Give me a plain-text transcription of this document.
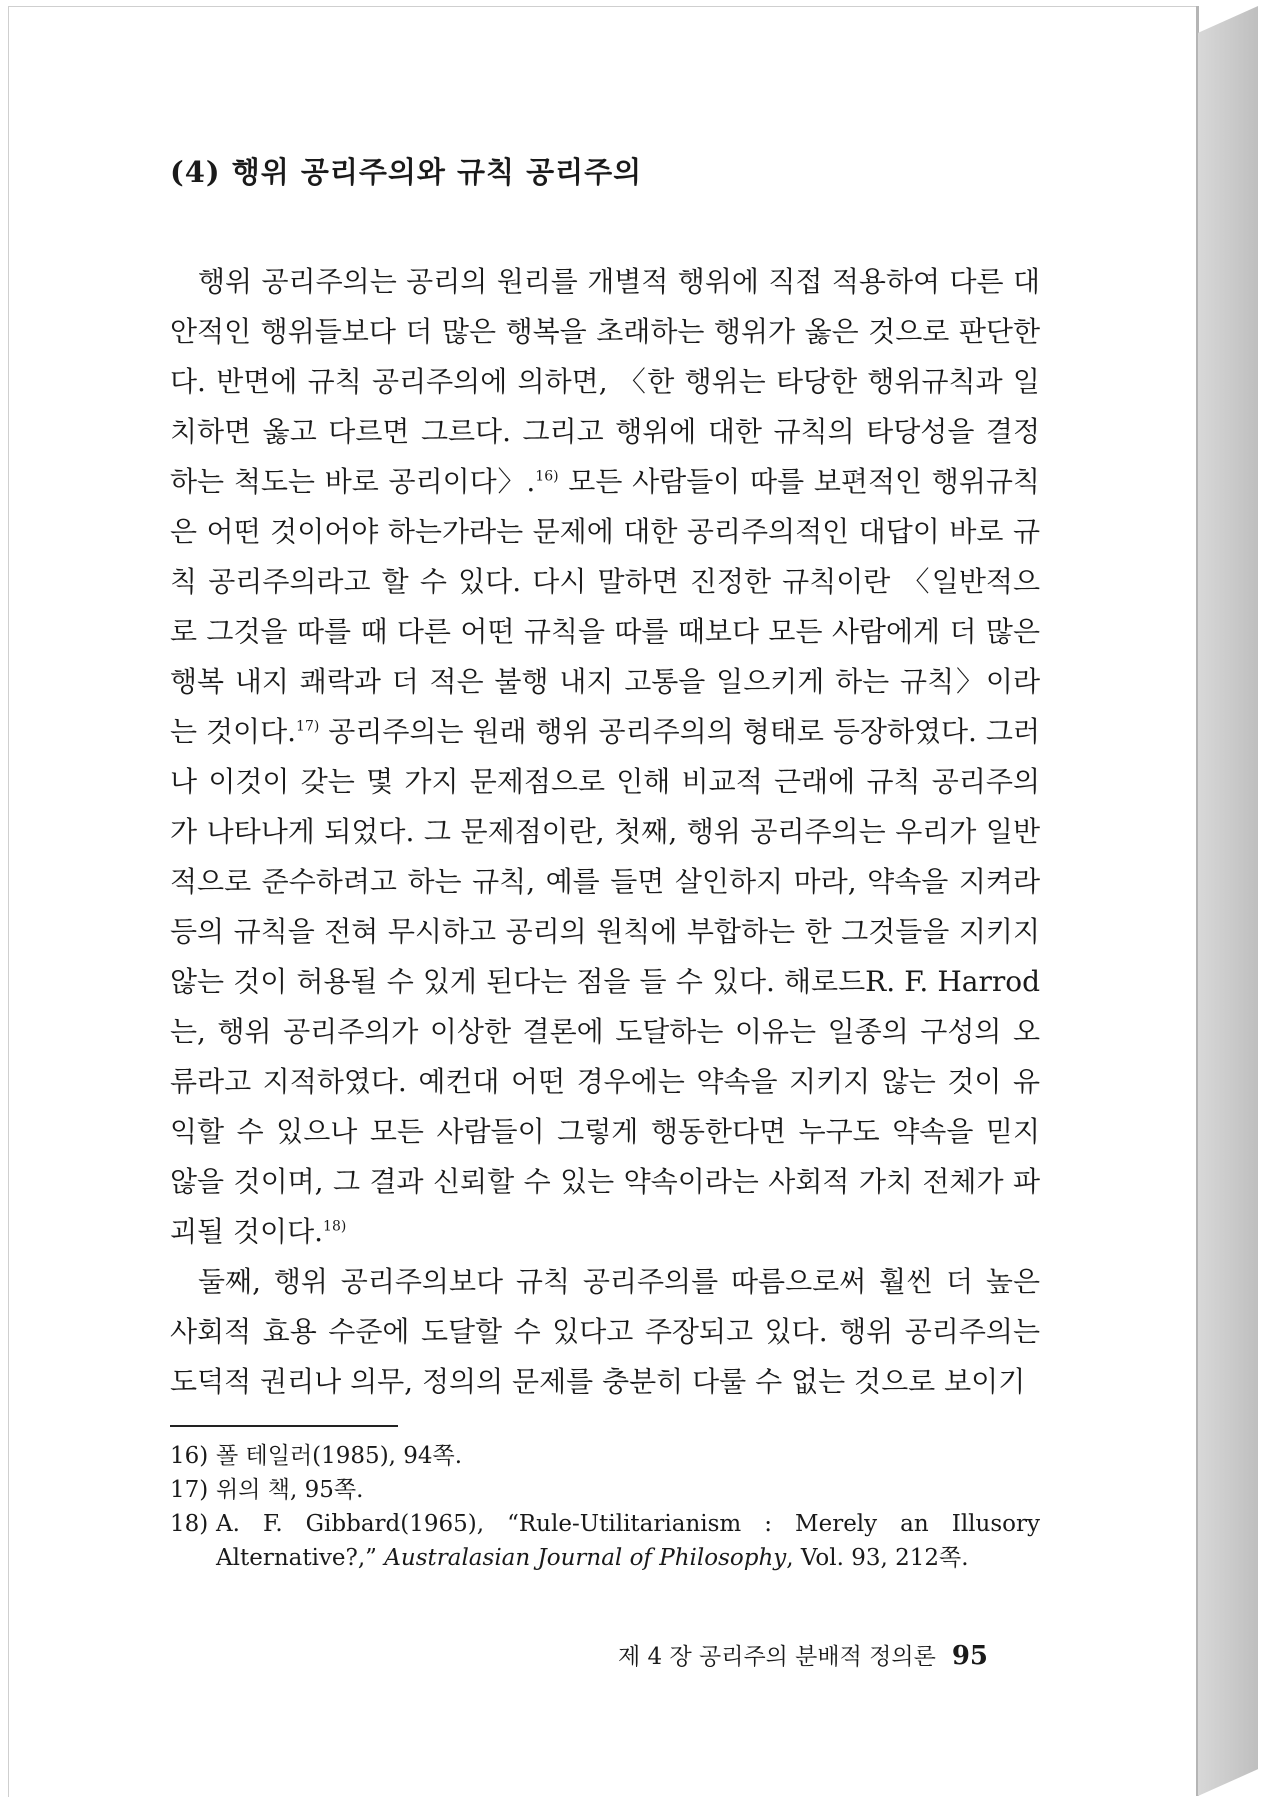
(4) 행위 공리주의와 규칙 공리주의

행위 공리주의는 공리의 원리를 개별적 행위에 직접 적용하여 다른 대안적인 행위들보다 더 많은 행복을 초래하는 행위가 옳은 것으로 판단한다. 반면에 규칙 공리주의에 의하면, 〈한 행위는 타당한 행위규칙과 일치하면 옳고 다르면 그르다. 그리고 행위에 대한 규칙의 타당성을 결정하는 척도는 바로 공리이다〉.$^{16)}$ 모든 사람들이 따를 보편적인 행위규칙은 어떤 것이어야 하는가라는 문제에 대한 공리주의적인 대답이 바로 규칙 공리주의라고 할 수 있다. 다시 말하면 진정한 규칙이란 〈일반적으로 그것을 따를 때 다른 어떤 규칙을 따를 때보다 모든 사람에게 더 많은 행복 내지 쾌락과 더 적은 불행 내지 고통을 일으키게 하는 규칙〉이라는 것이다.$^{17)}$ 공리주의는 원래 행위 공리주의의 형태로 등장하였다. 그러나 이것이 갖는 몇 가지 문제점으로 인해 비교적 근래에 규칙 공리주의가 나타나게 되었다. 그 문제점이란, 첫째, 행위 공리주의는 우리가 일반적으로 준수하려고 하는 규칙, 예를 들면 살인하지 마라, 약속을 지켜라 등의 규칙을 전혀 무시하고 공리의 원칙에 부합하는 한 그것들을 지키지 않는 것이 허용될 수 있게 된다는 점을 들 수 있다. 해로드R. F. Harrod는, 행위 공리주의가 이상한 결론에 도달하는 이유는 일종의 구성의 오류라고 지적하였다. 예컨대 어떤 경우에는 약속을 지키지 않는 것이 유익할 수 있으나 모든 사람들이 그렇게 행동한다면 누구도 약속을 믿지 않을 것이며, 그 결과 신뢰할 수 있는 약속이라는 사회적 가치 전체가 파괴될 것이다.$^{18)}$

둘째, 행위 공리주의보다 규칙 공리주의를 따름으로써 훨씬 더 높은 사회적 효용 수준에 도달할 수 있다고 주장되고 있다. 행위 공리주의는 도덕적 권리나 의무, 정의의 문제를 충분히 다룰 수 없는 것으로 보이기

16) 폴 테일러(1985), 94쪽.
17) 위의 책, 95쪽.
18) A. F. Gibbard(1965), “Rule-Utilitarianism : Merely an Illusory Alternative?,” Australasian Journal of Philosophy, Vol. 93, 212쪽.
제 4 장 공리주의 분배적 정의론 95
